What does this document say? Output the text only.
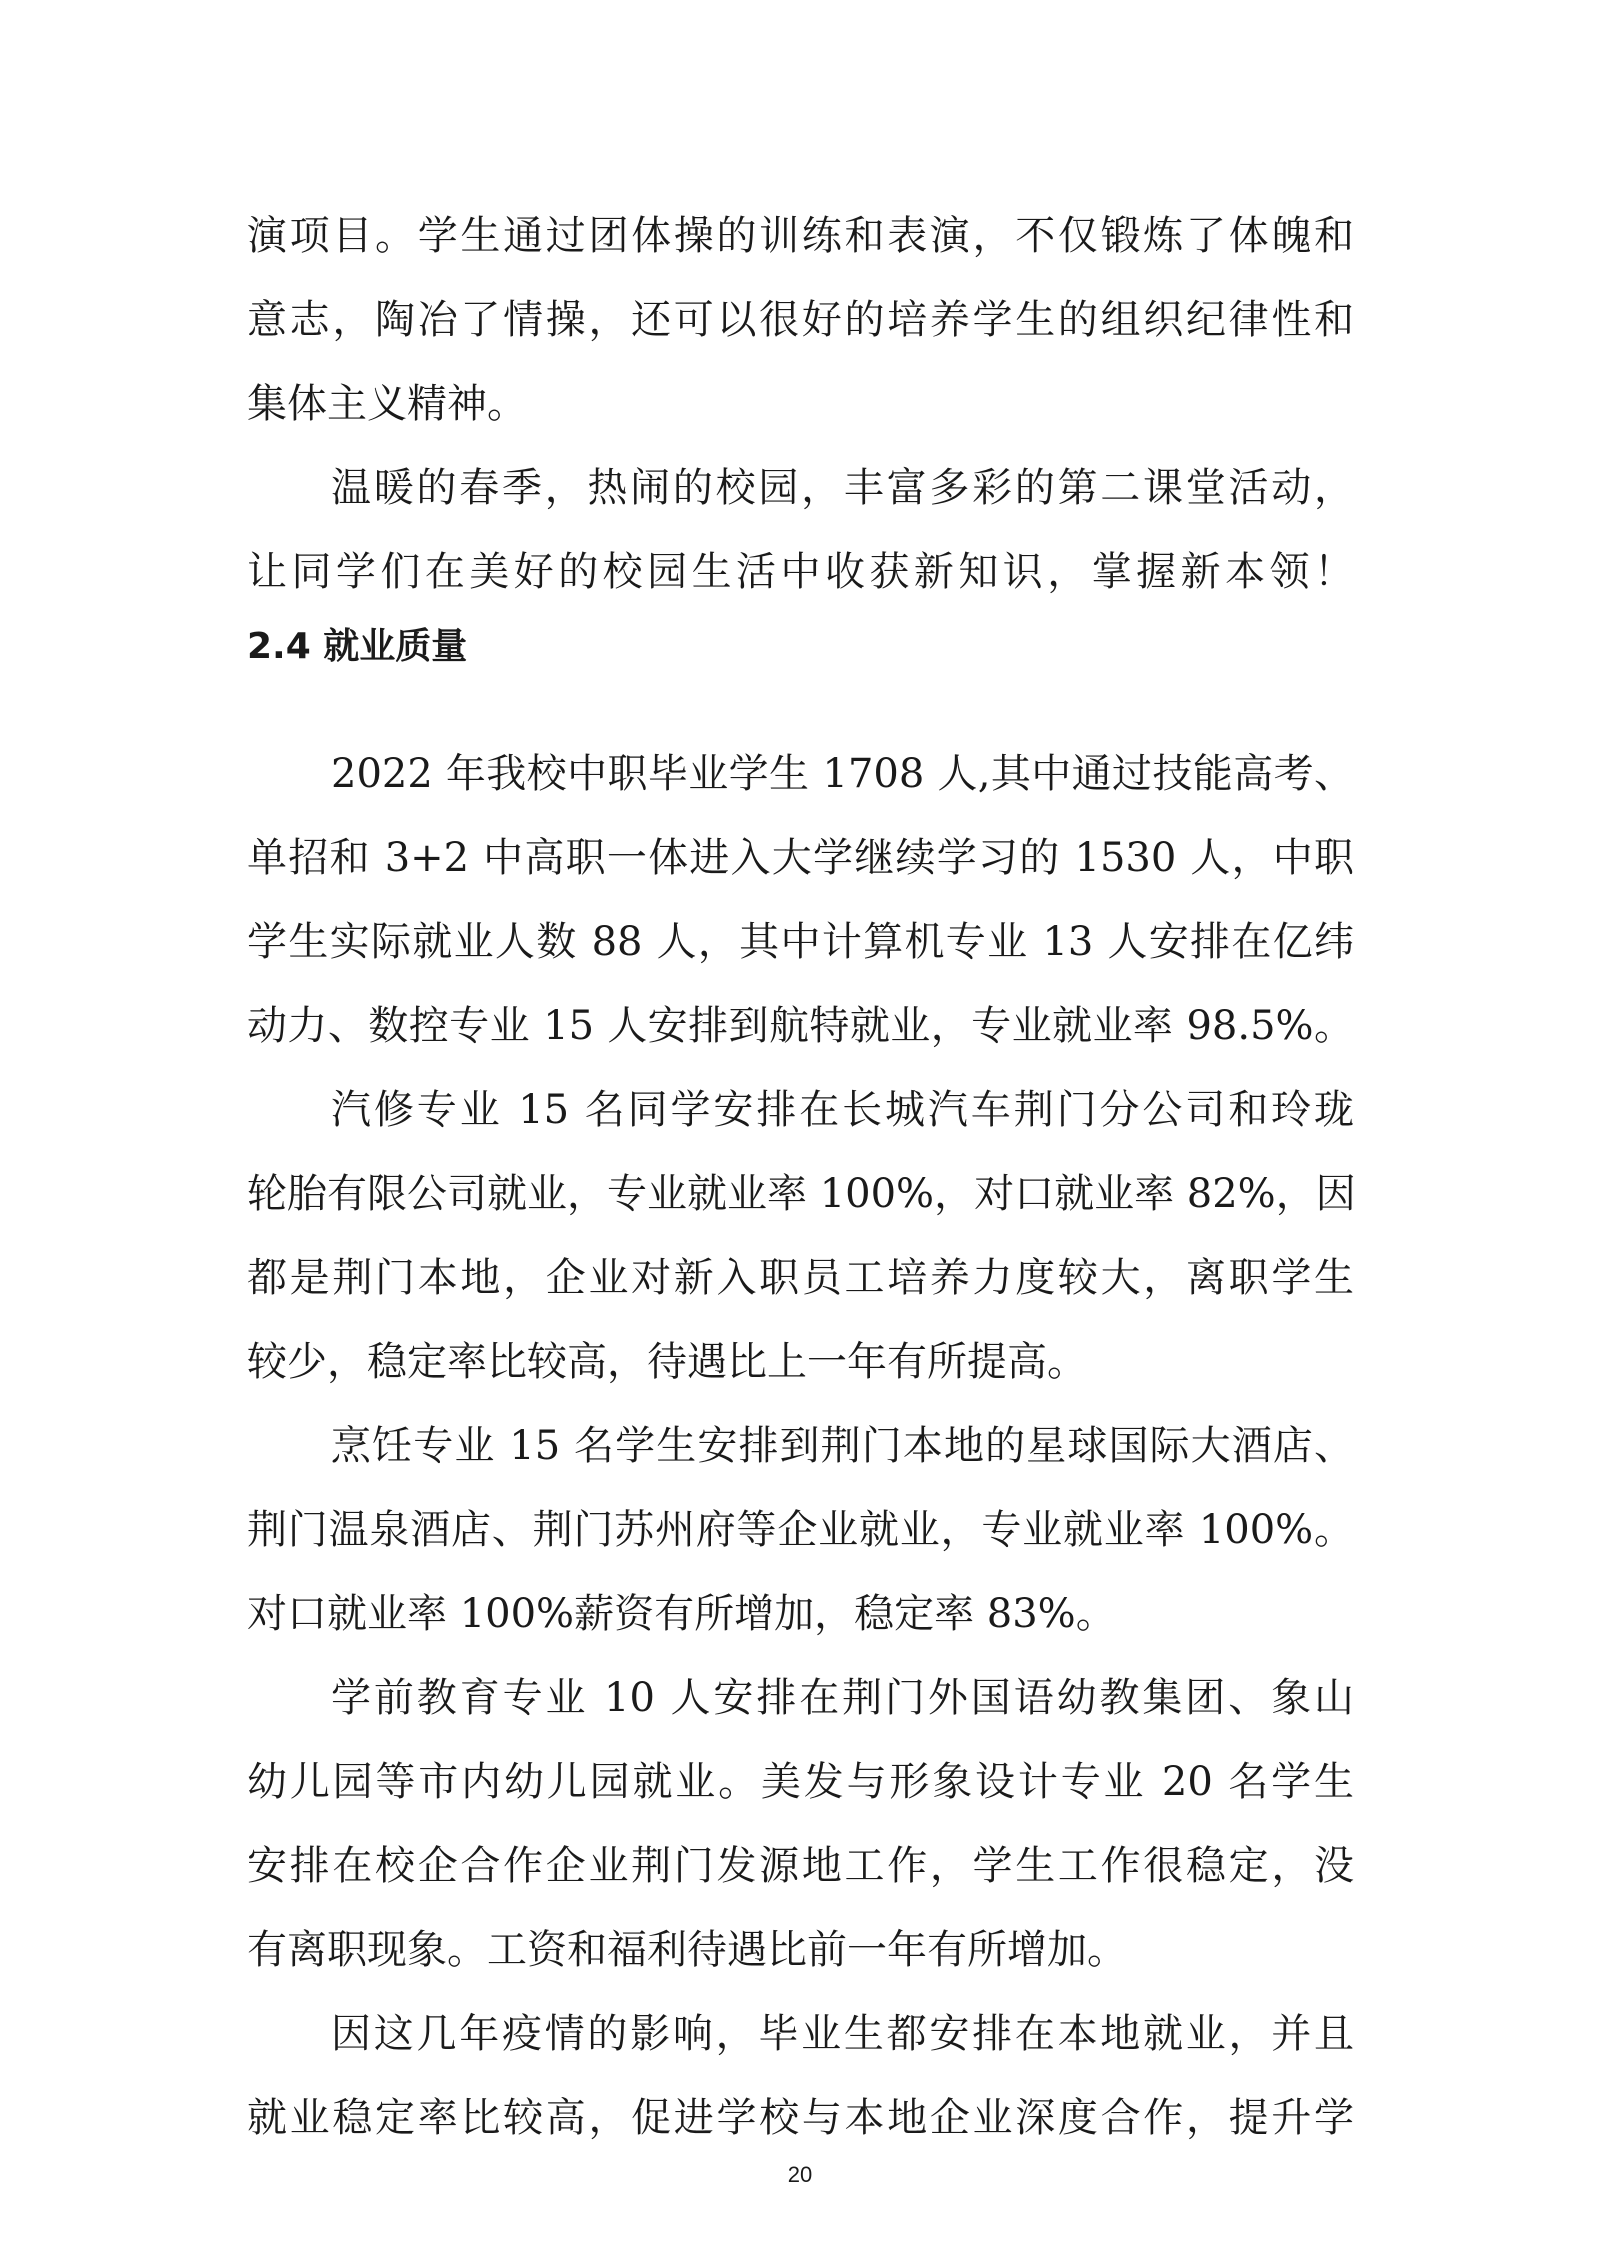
演项目。学生通过团体操的训练和表演，不仅锻炼了体魄和
意志，陶冶了情操，还可以很好的培养学生的组织纪律性和
集体主义精神。
温暖的春季，热闹的校园，丰富多彩的第二课堂活动，
让同学们在美好的校园生活中收获新知识，掌握新本领！
2.4 就业质量
2022 年我校中职毕业学生 1708 人,其中通过技能高考、
单招和 3+2 中高职一体进入大学继续学习的 1530 人，中职
学生实际就业人数 88 人，其中计算机专业 13 人安排在亿纬
动力、数控专业 15 人安排到航特就业，专业就业率 98.5%。
汽修专业 15 名同学安排在长城汽车荆门分公司和玲珑
轮胎有限公司就业，专业就业率 100%，对口就业率 82%，因
都是荆门本地，企业对新入职员工培养力度较大，离职学生
较少，稳定率比较高，待遇比上一年有所提高。
烹饪专业 15 名学生安排到荆门本地的星球国际大酒店、
荆门温泉酒店、荆门苏州府等企业就业，专业就业率 100%。
对口就业率 100%薪资有所增加，稳定率 83%。
学前教育专业 10 人安排在荆门外国语幼教集团、象山
幼儿园等市内幼儿园就业。美发与形象设计专业 20 名学生
安排在校企合作企业荆门发源地工作，学生工作很稳定，没
有离职现象。工资和福利待遇比前一年有所增加。
因这几年疫情的影响，毕业生都安排在本地就业，并且
就业稳定率比较高，促进学校与本地企业深度合作，提升学
20
